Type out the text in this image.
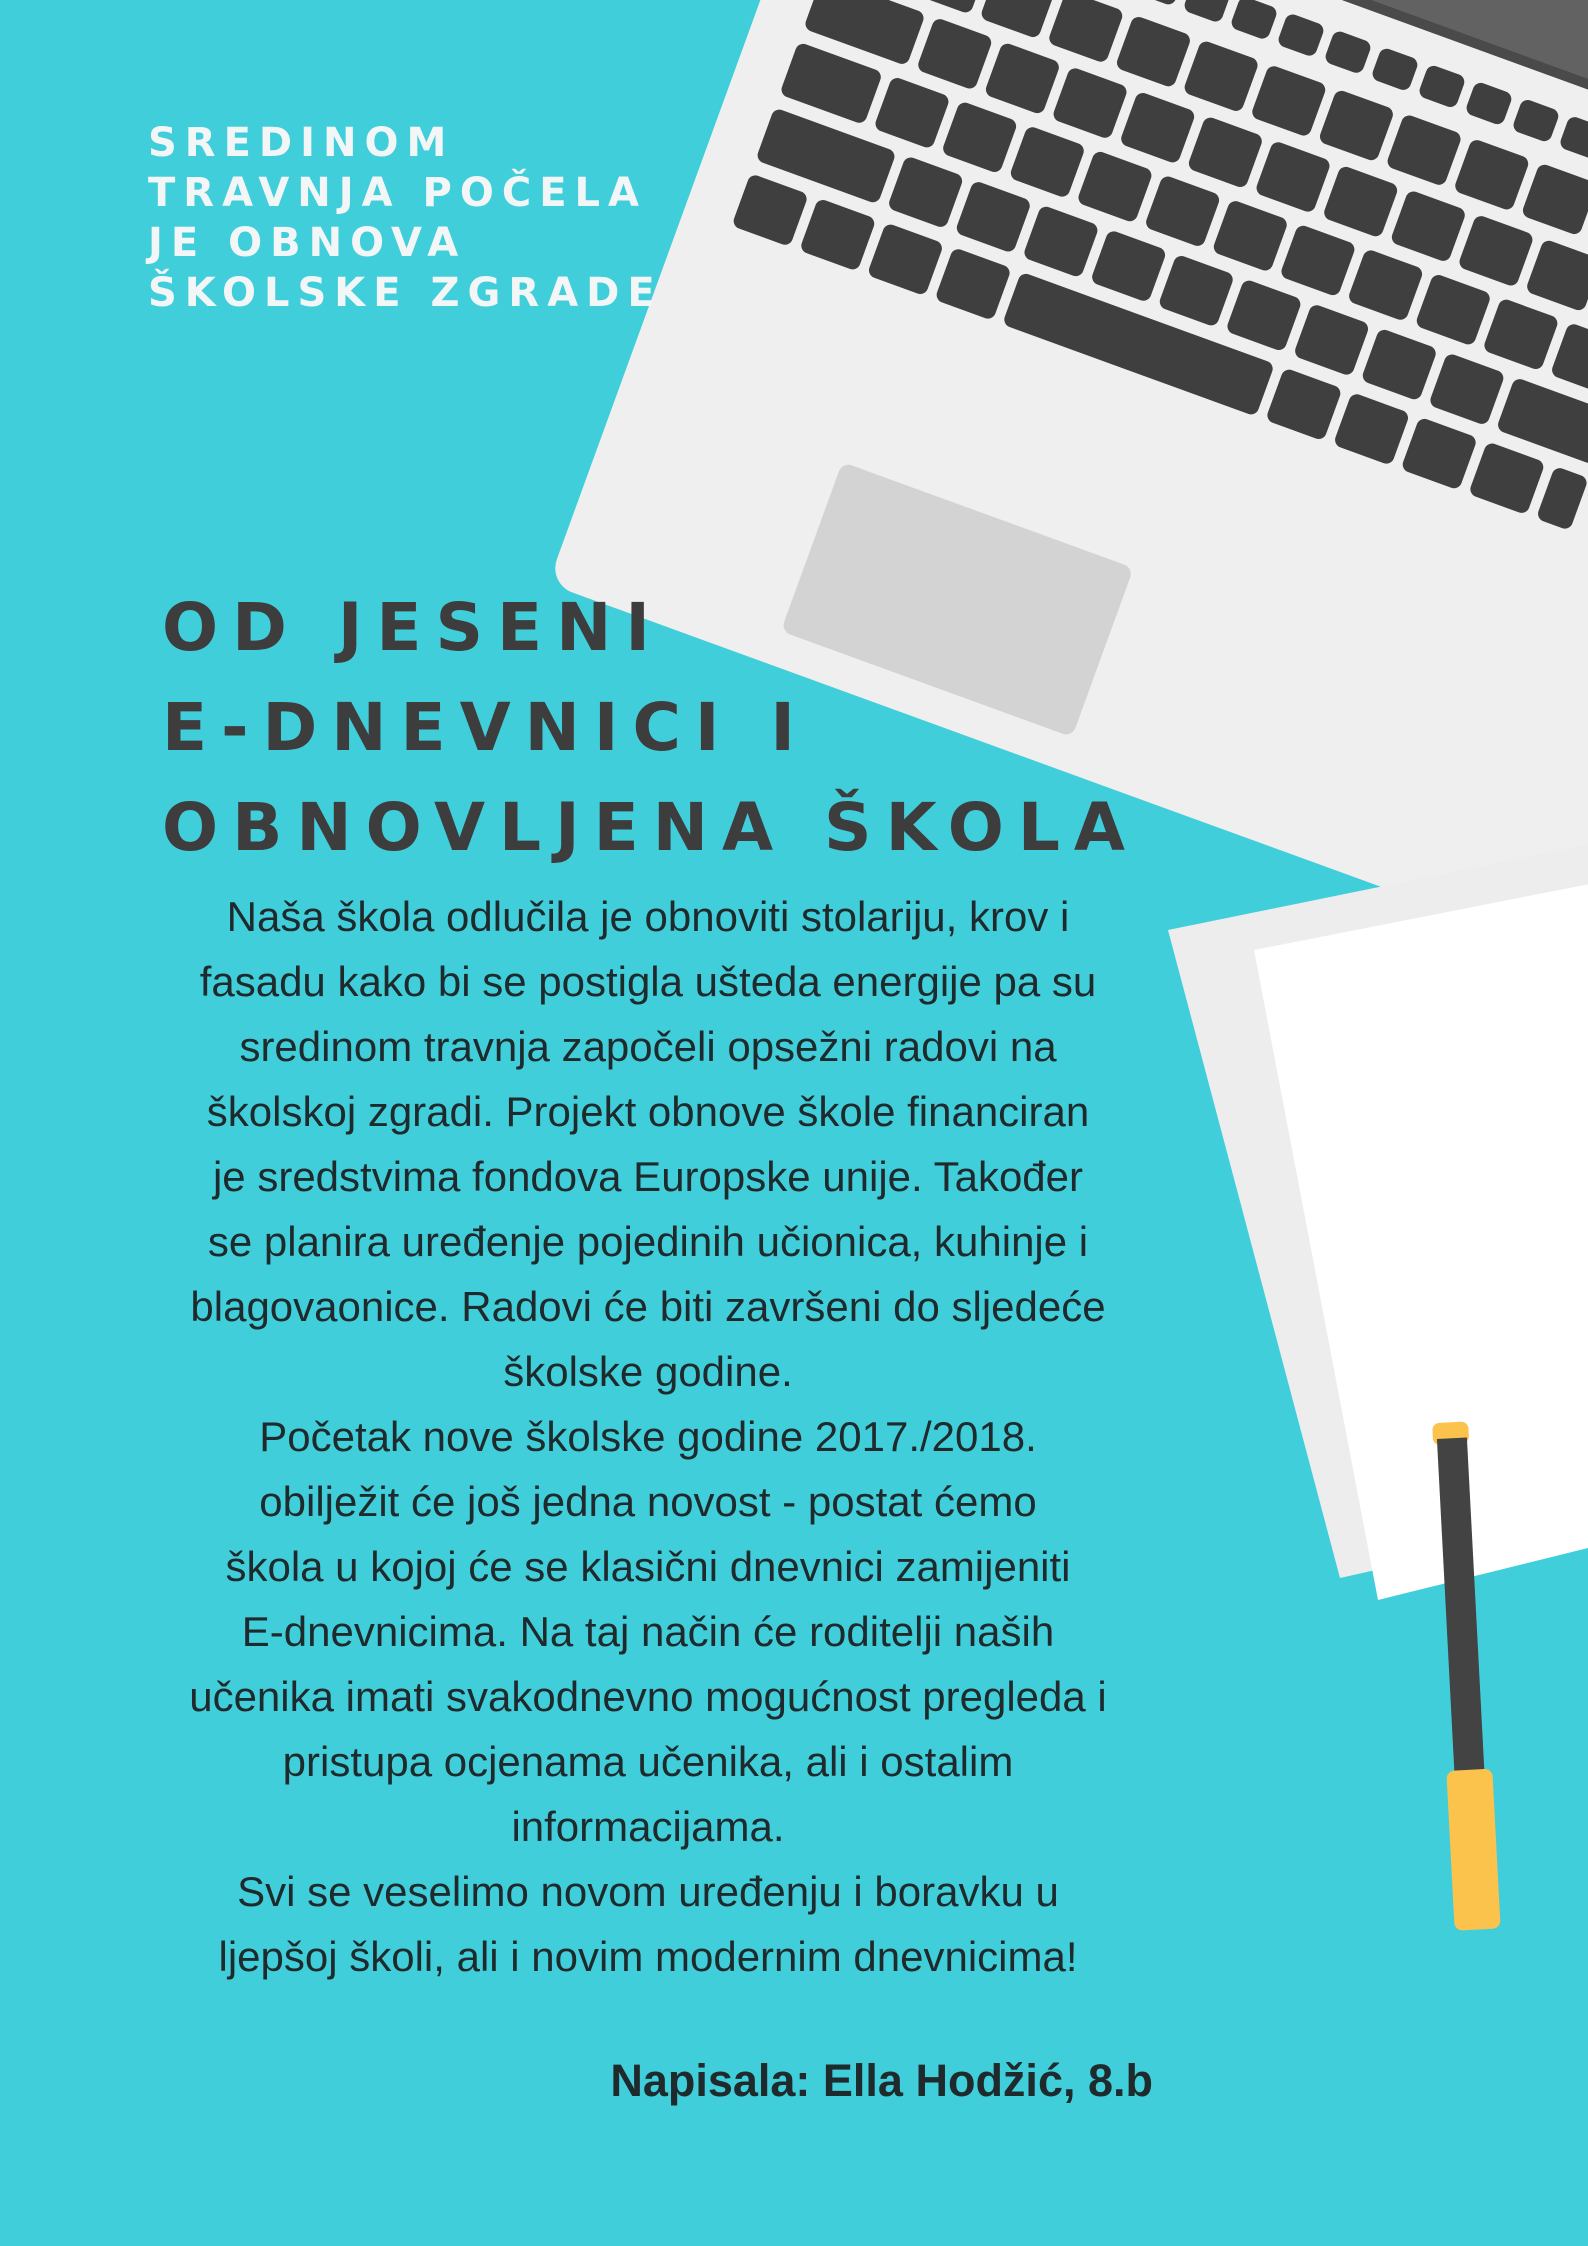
SREDINOM
TRAVNJA POČELA
JE OBNOVA
ŠKOLSKE ZGRADE
OD JESENI
E-DNEVNICI I
OBNOVLJENA ŠKOLA
Naša škola odlučila je obnoviti stolariju, krov i
fasadu kako bi se postigla ušteda energije pa su
sredinom travnja započeli opsežni radovi na
školskoj zgradi. Projekt obnove škole financiran
je sredstvima fondova Europske unije. Također
se planira uređenje pojedinih učionica, kuhinje i
blagovaonice. Radovi će biti završeni do sljedeće
školske godine.
Početak nove školske godine 2017./2018.
obilježit će još jedna novost - postat ćemo
škola u kojoj će se klasični dnevnici zamijeniti
E-dnevnicima. Na taj način će roditelji naših
učenika imati svakodnevno mogućnost pregleda i
pristupa ocjenama učenika, ali i ostalim
informacijama.
Svi se veselimo novom uređenju i boravku u
ljepšoj školi, ali i novim modernim dnevnicima!

Napisala: Ella Hodžić, 8.b
